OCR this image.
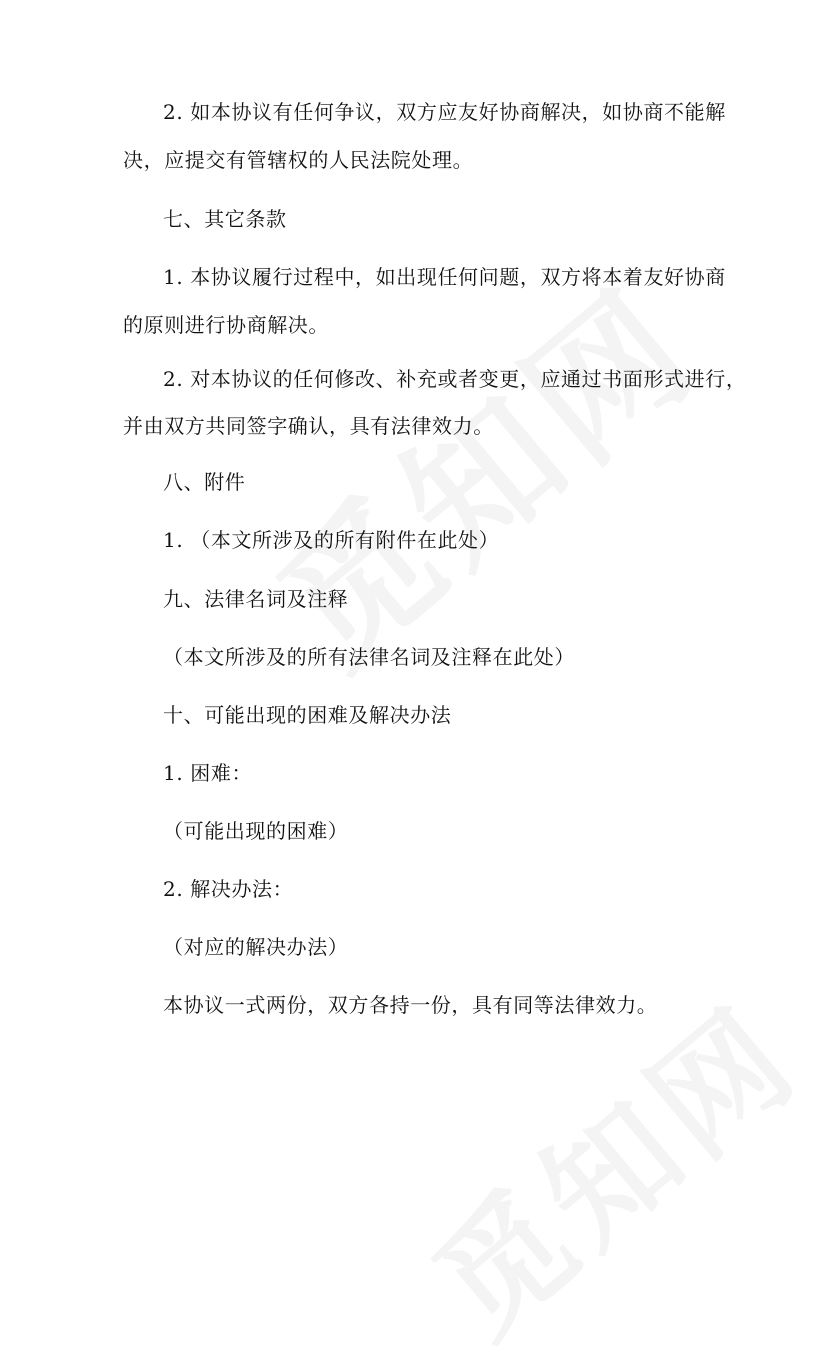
2. 如本协议有任何争议，双方应友好协商解决，如协商不能解
决，应提交有管辖权的人民法院处理。
七、其它条款
1. 本协议履行过程中，如出现任何问题，双方将本着友好协商
的原则进行协商解决。
2. 对本协议的任何修改、补充或者变更，应通过书面形式进行，
并由双方共同签字确认，具有法律效力。
八、附件
1. （本文所涉及的所有附件在此处）
九、法律名词及注释
（本文所涉及的所有法律名词及注释在此处）
十、可能出现的困难及解决办法
1. 困难：
（可能出现的困难）
2. 解决办法：
（对应的解决办法）
本协议一式两份，双方各持一份，具有同等法律效力。
